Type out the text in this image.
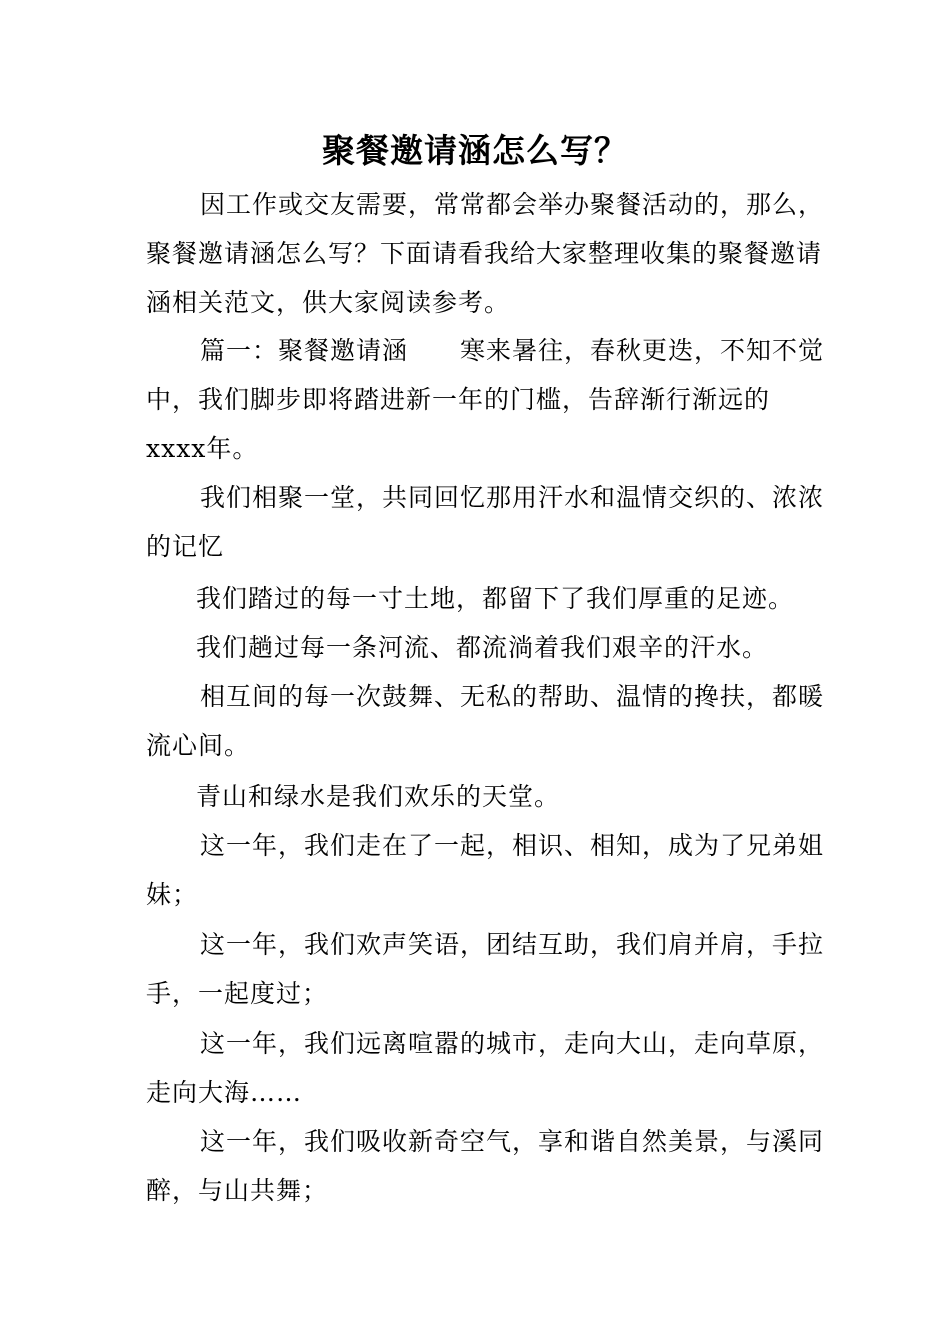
聚餐邀请涵怎么写？

因工作或交友需要，常常都会举办聚餐活动的，那么，聚餐邀请涵怎么写？下面请看我给大家整理收集的聚餐邀请涵相关范文，供大家阅读参考。

篇一：聚餐邀请涵　　寒来暑往，春秋更迭，不知不觉中，我们脚步即将踏进新一年的门槛，告辞渐行渐远的xxxx年。

我们相聚一堂，共同回忆那用汗水和温情交织的、浓浓的记忆

我们踏过的每一寸土地，都留下了我们厚重的足迹。

我们趟过每一条河流、都流淌着我们艰辛的汗水。

相互间的每一次鼓舞、无私的帮助、温情的搀扶，都暖流心间。

青山和绿水是我们欢乐的天堂。

这一年，我们走在了一起，相识、相知，成为了兄弟姐妹；

这一年，我们欢声笑语，团结互助，我们肩并肩，手拉手，一起度过；

这一年，我们远离喧嚣的城市，走向大山，走向草原，走向大海……

这一年，我们吸收新奇空气，享和谐自然美景，与溪同醉，与山共舞；
